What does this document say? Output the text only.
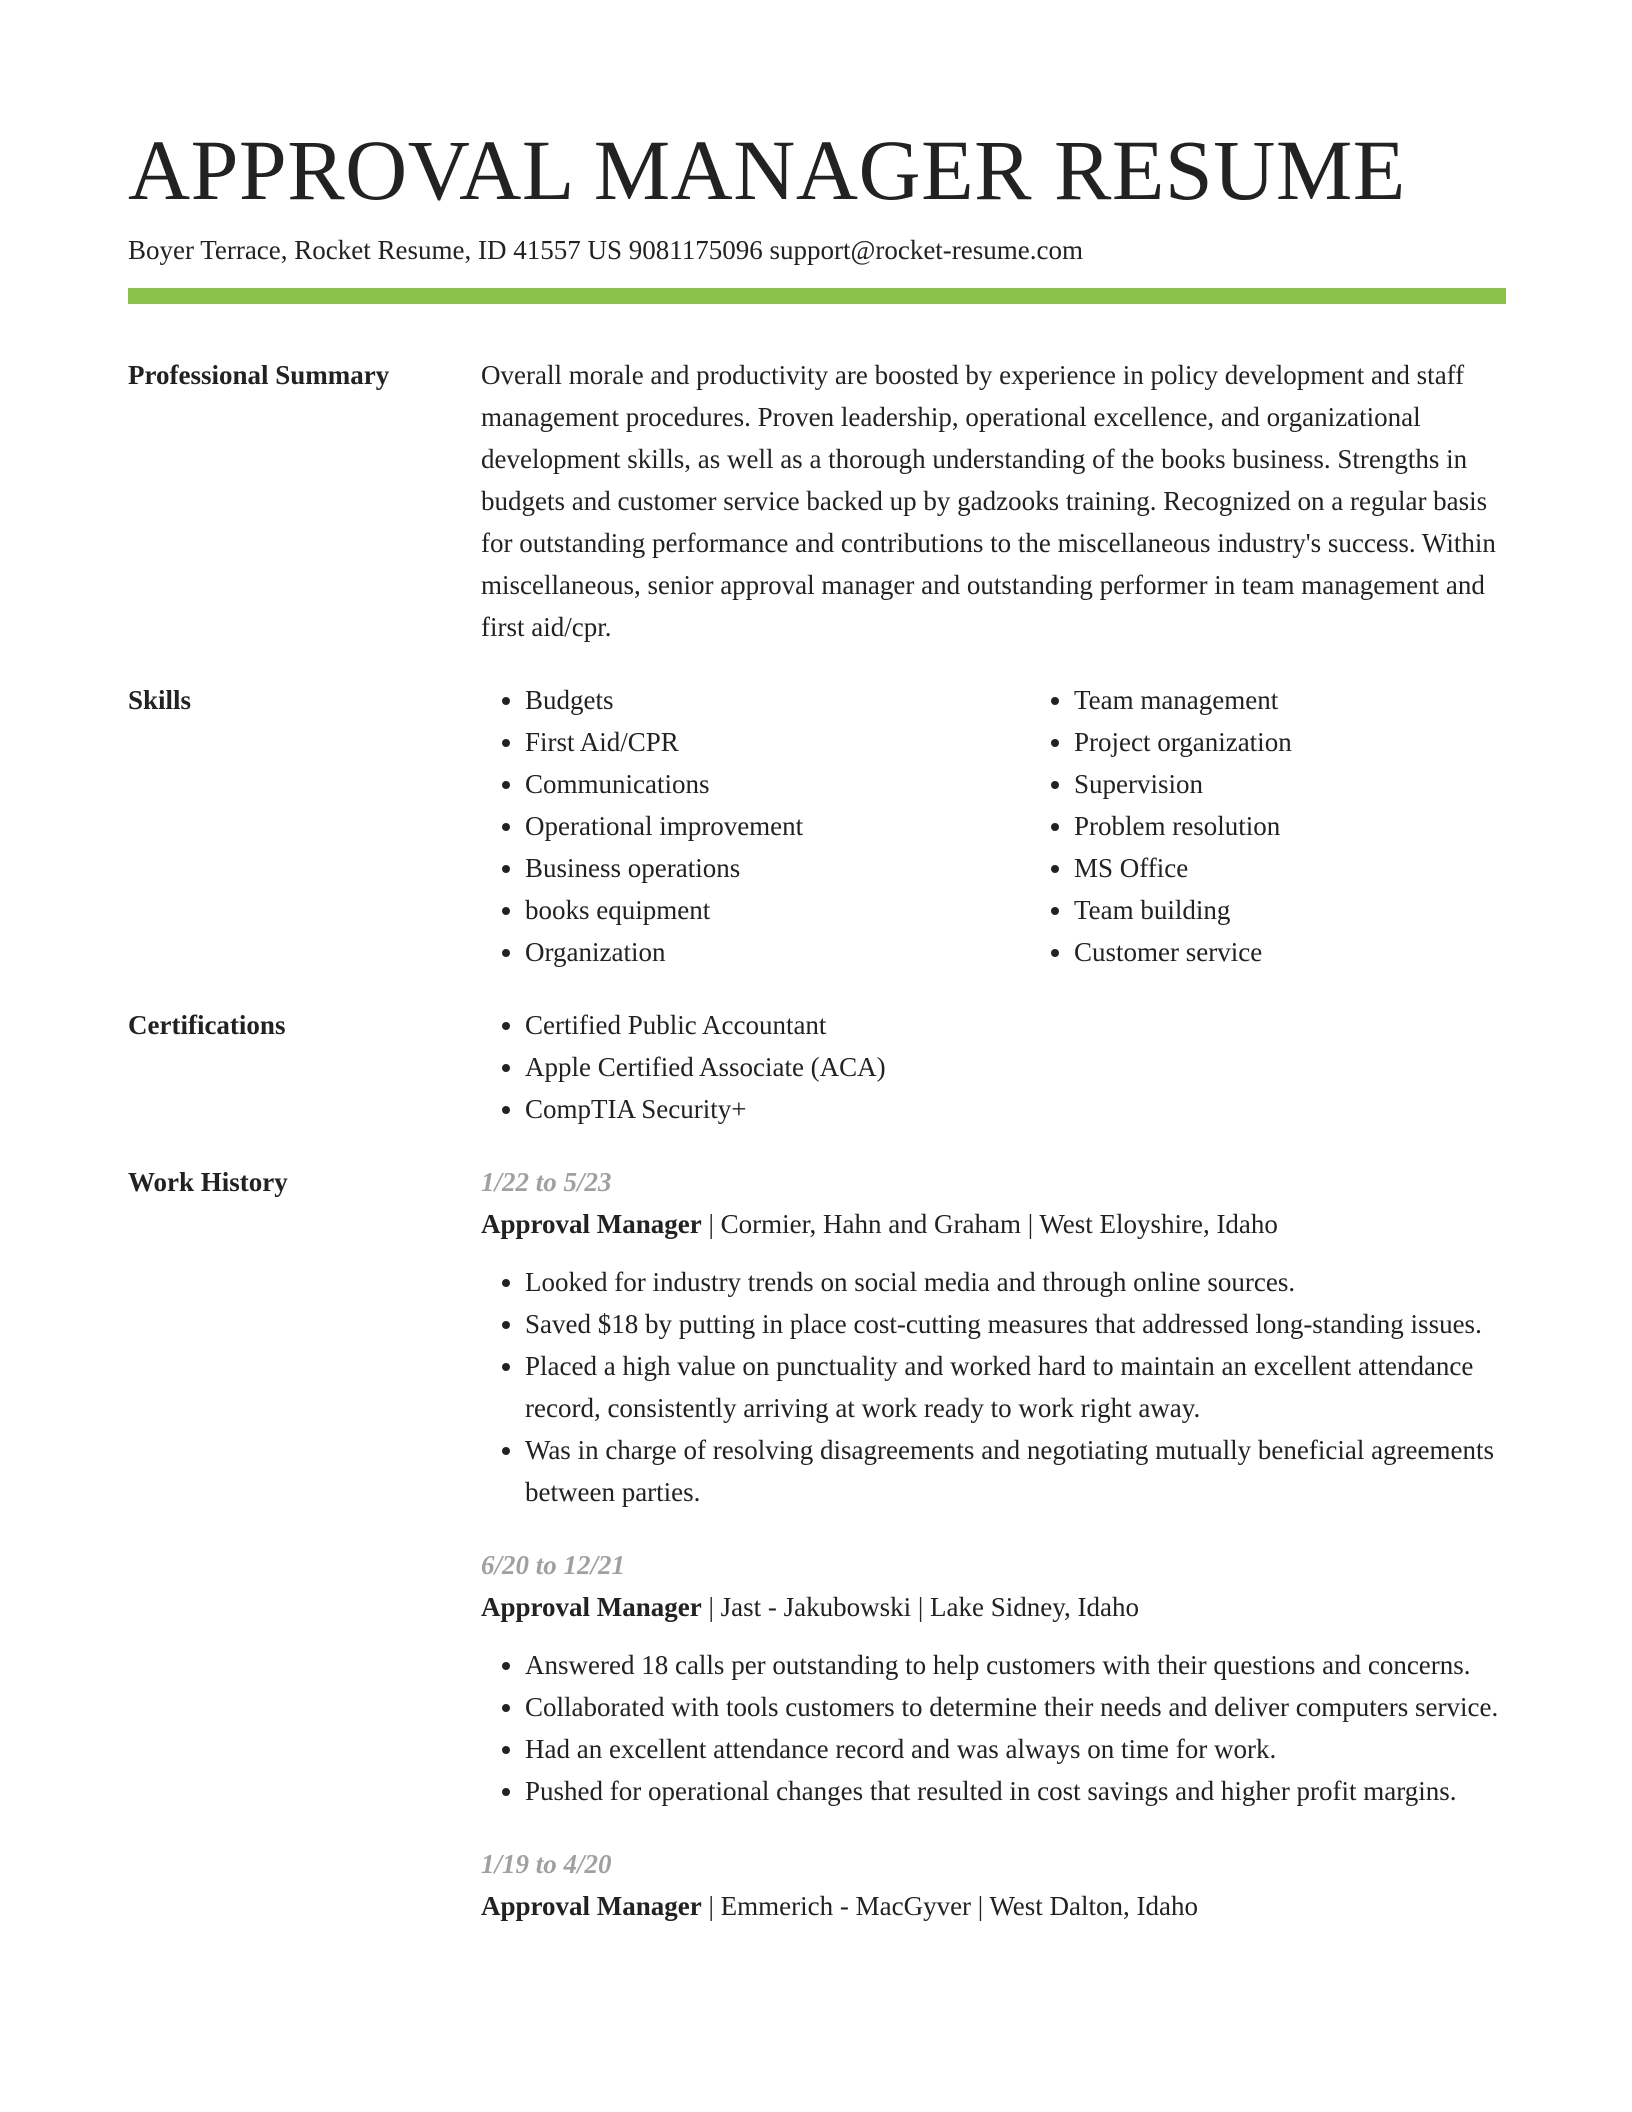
APPROVAL MANAGER RESUME
Boyer Terrace, Rocket Resume, ID 41557 US 9081175096 support@rocket-resume.com
Professional Summary	Overall morale and productivity are boosted by experience in policy development and staff management procedures. Proven leadership, operational excellence, and organizational development skills, as well as a thorough understanding of the books business. Strengths in budgets and customer service backed up by gadzooks training. Recognized on a regular basis for outstanding performance and contributions to the miscellaneous industry's success. Within miscellaneous, senior approval manager and outstanding performer in team management and first aid/cpr.

Skills	• Budgets
• First Aid/CPR
• Communications
• Operational improvement
• Business operations
• books equipment
• Organization
• Team management
• Project organization
• Supervision
• Problem resolution
• MS Office
• Team building
• Customer service
Certifications	• Certified Public Accountant
• Apple Certified Associate (ACA)
• CompTIA Security+
Work History	1/22 to 5/23
Approval Manager | Cormier, Hahn and Graham | West Eloyshire, Idaho
• Looked for industry trends on social media and through online sources.
• Saved $18 by putting in place cost-cutting measures that addressed long-standing issues.
• Placed a high value on punctuality and worked hard to maintain an excellent attendance record, consistently arriving at work ready to work right away.
• Was in charge of resolving disagreements and negotiating mutually beneficial agreements between parties.
6/20 to 12/21
Approval Manager | Jast - Jakubowski | Lake Sidney, Idaho
• Answered 18 calls per outstanding to help customers with their questions and concerns.
• Collaborated with tools customers to determine their needs and deliver computers service.
• Had an excellent attendance record and was always on time for work.
• Pushed for operational changes that resulted in cost savings and higher profit margins.
1/19 to 4/20
Approval Manager | Emmerich - MacGyver | West Dalton, Idaho
